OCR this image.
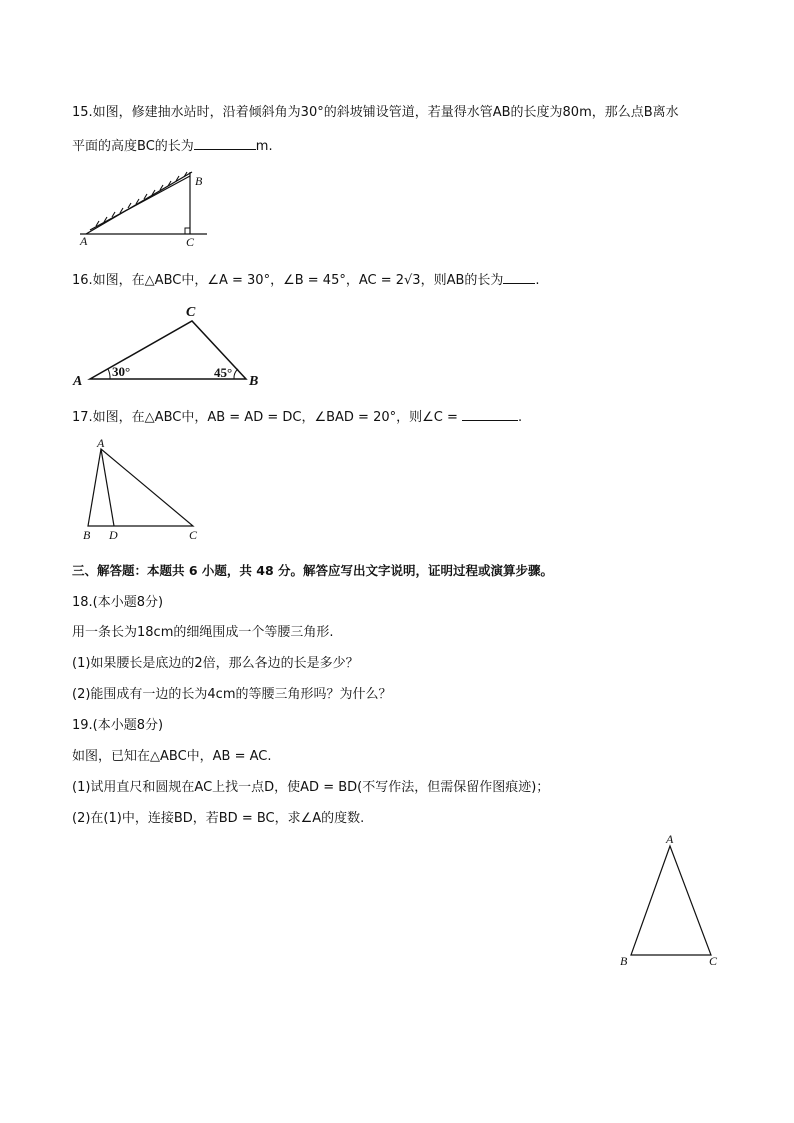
15.如图，修建抽水站时，沿着倾斜角为30°的斜坡铺设管道，若量得水管AB的长度为80m，那么点B离水
平面的高度BC的长为	m.
A
B
C
16.如图，在△ABC中，∠A = 30°，∠B = 45°，AC = 2√3，则AB的长为 .
A	B
C
30°	45°
17.如图，在△ABC中，AB = AD = DC，∠BAD = 20°，则∠C =	.
A
B	C
D
三、解答题：本题共 6 小题，共 48 分。解答应写出文字说明，证明过程或演算步骤。
18.(本小题8分)
用一条长为18cm的细绳围成一个等腰三角形.
(1)如果腰长是底边的2倍，那么各边的长是多少？
(2)能围成有一边的长为4cm的等腰三角形吗？为什么？
19.(本小题8分)
如图，已知在△ABC中，AB = AC.
(1)试用直尺和圆规在AC上找一点D，使AD = BD(不写作法，但需保留作图痕迹)；
(2)在(1)中，连接BD，若BD = BC，求∠A的度数.
A
B	C
